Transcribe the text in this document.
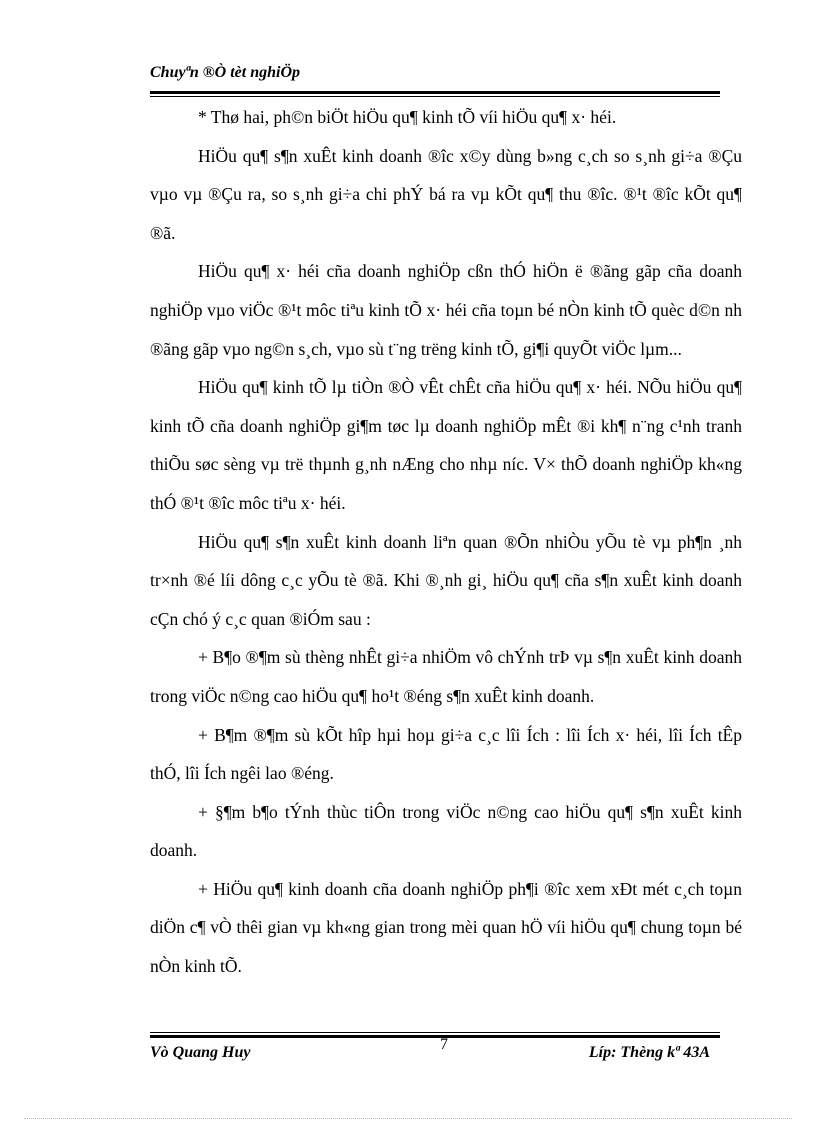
Chuyªn ®Ò tèt nghiÖp

* Thø hai, ph©n biÖt hiÖu qu¶ kinh tÕ víi hiÖu qu¶ x· héi.

HiÖu qu¶ s¶n xuÊt kinh doanh ®îc x©y dùng b»ng c¸ch so s¸nh gi÷a ®Çu vµo vµ ®Çu ra, so s¸nh gi÷a chi phÝ bá ra vµ kÕt qu¶ thu ®îc. ®¹t ®îc kÕt qu¶ ®ã.

HiÖu qu¶ x· héi cña doanh nghiÖp cßn thÓ hiÖn ë ®ãng gãp cña doanh nghiÖp vµo viÖc ®¹t môc tiªu kinh tÕ x· héi cña toµn bé nÒn kinh tÕ quèc d©n nh ®ãng gãp vµo ng©n s¸ch, vµo sù t¨ng trëng kinh tÕ, gi¶i quyÕt viÖc lµm...

HiÖu qu¶ kinh tÕ lµ tiÒn ®Ò vÊt chÊt cña hiÖu qu¶ x· héi. NÕu hiÖu qu¶ kinh tÕ cña doanh nghiÖp gi¶m tøc lµ doanh nghiÖp mÊt ®i kh¶ n¨ng c¹nh tranh thiÕu søc sèng vµ trë thµnh g¸nh nÆng cho nhµ níc. V× thÕ doanh nghiÖp kh«ng thÓ ®¹t ®îc môc tiªu x· héi.

HiÖu qu¶ s¶n xuÊt kinh doanh liªn quan ®Õn nhiÒu yÕu tè vµ ph¶n ¸nh tr×nh ®é líi dông c¸c yÕu tè ®ã. Khi ®¸nh gi¸ hiÖu qu¶ cña s¶n xuÊt kinh doanh cÇn chó ý c¸c quan ®iÓm sau :

+ B¶o ®¶m sù thèng nhÊt gi÷a nhiÖm vô chÝnh trÞ vµ s¶n xuÊt kinh doanh trong viÖc n©ng cao hiÖu qu¶ ho¹t ®éng s¶n xuÊt kinh doanh.

+ B¶m ®¶m sù kÕt hîp hµi hoµ gi÷a c¸c lîi Ích : lîi Ích x· héi, lîi Ích tÊp thÓ, lîi Ích ngêi lao ®éng.

+ §¶m b¶o tÝnh thùc tiÔn trong viÖc n©ng cao hiÖu qu¶ s¶n xuÊt kinh doanh.

+ HiÖu qu¶ kinh doanh cña doanh nghiÖp ph¶i ®îc xem xÐt mét c¸ch toµn diÖn c¶ vÒ thêi gian vµ kh«ng gian trong mèi quan hÖ víi hiÖu qu¶ chung toµn bé nÒn kinh tÕ.

Vò Quang Huy	7	Líp: Thèng kª 43A
